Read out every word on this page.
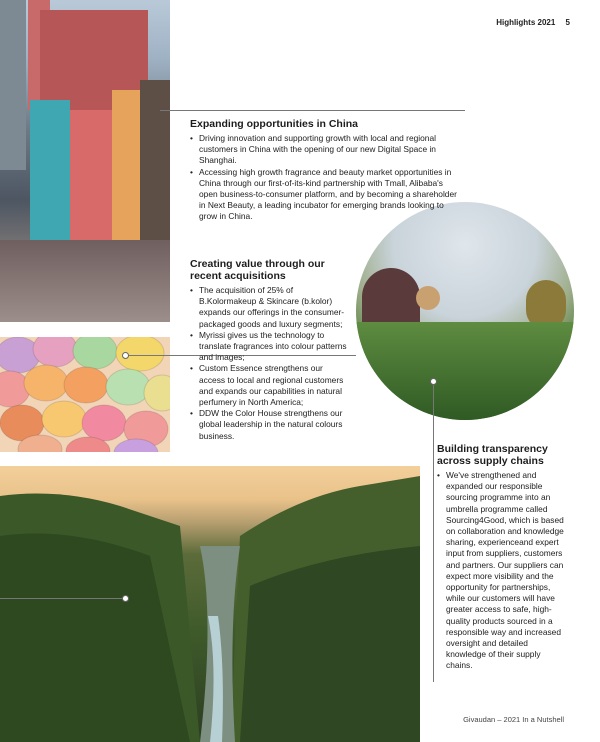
Highlights 2021 5
Expanding opportunities in China
• Driving innovation and supporting growth with local and regional customers in China with the opening of our new Digital Space in Shanghai.
• Accessing high growth fragrance and beauty market opportunities in China through our first-of-its-kind partnership with Tmall, Alibaba's open business-to-consumer platform, and by becoming a shareholder in Next Beauty, a leading incubator for emerging brands looking to grow in China.
Creating value through our recent acquisitions
• The acquisition of 25% of B.Kolormakeup & Skincare (b.kolor) expands our offerings in the consumer-packaged goods and luxury segments;
• Myrissi gives us the technology to translate fragrances into colour patterns and images;
• Custom Essence strengthens our access to local and regional customers and expands our capabilities in natural perfumery in North America;
• DDW the Color House strengthens our global leadership in the natural colours business.
Building transparency across supply chains
• We've strengthened and expanded our responsible sourcing programme into an umbrella programme called Sourcing4Good, which is based on collaboration and knowledge sharing, experienceand expert input from suppliers, customers and partners. Our suppliers can expect more visibility and the opportunity for partnerships, while our customers will have greater access to safe, high-quality products sourced in a responsible way and increased oversight and detailed knowledge of their supply chains.
Givaudan – 2021 In a Nutshell
